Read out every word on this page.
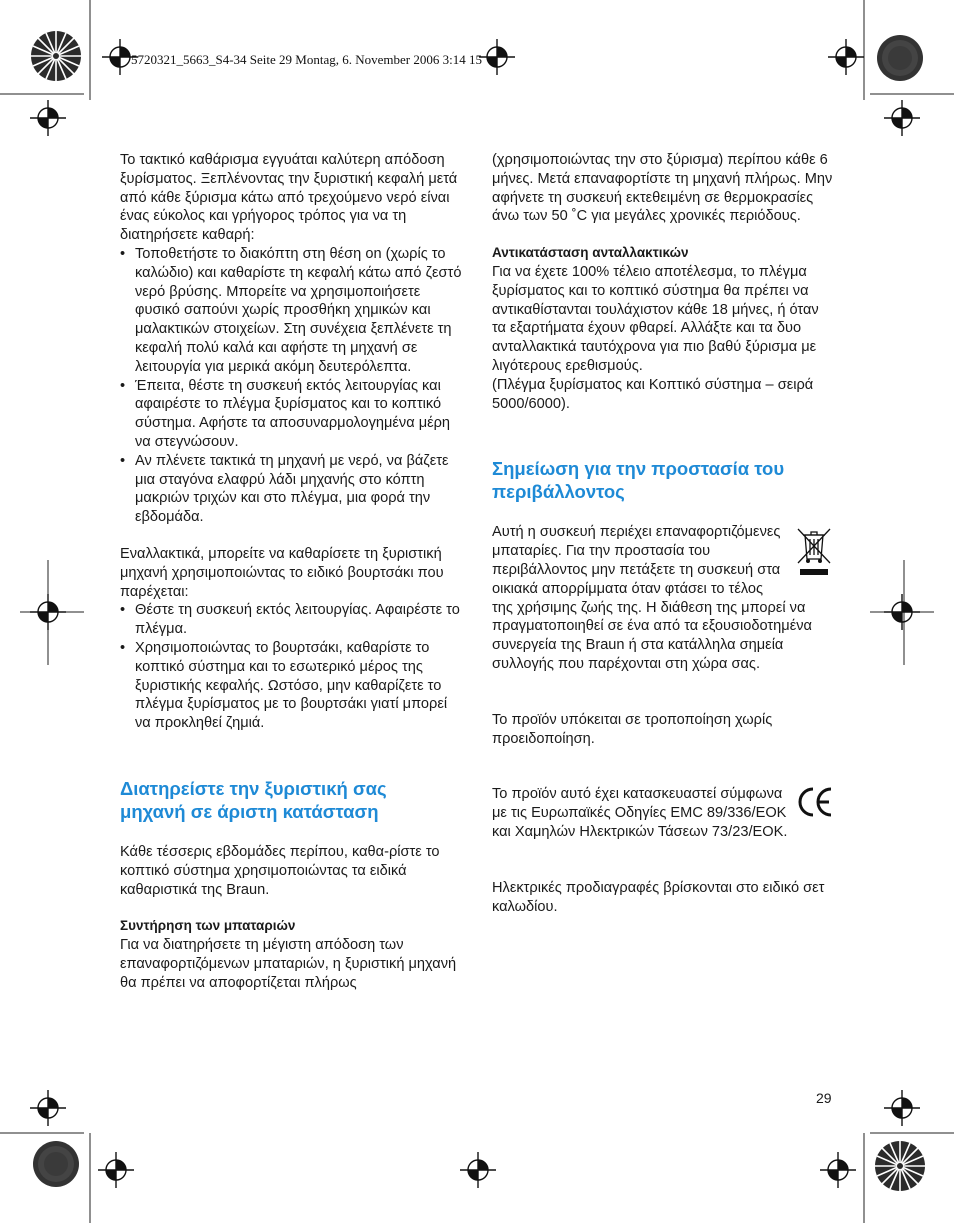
5720321_5663_S4-34 Seite 29 Montag, 6. November 2006 3:14 15

Το τακτικό καθάρισμα εγγυάται καλύτερη απόδοση ξυρίσματος. Ξεπλένοντας την ξυριστική κεφαλή μετά από κάθε ξύρισμα κάτω από τρεχούμενο νερό είναι ένας εύκολος και γρήγορος τρόπος για να τη διατηρήσετε καθαρή:

• Τοποθετήστε το διακόπτη στη θέση on (χωρίς το καλώδιο) και καθαρίστε τη κεφαλή κάτω από ζεστό νερό βρύσης. Μπορείτε να χρησιμοποιήσετε φυσικό σαπούνι χωρίς προσθήκη χημικών και μαλακτικών στοιχείων. Στη συνέχεια ξεπλένετε τη κεφαλή πολύ καλά και αφήστε τη μηχανή σε λειτουργία για μερικά ακόμη δευτερόλεπτα.
• Έπειτα, θέστε τη συσκευή εκτός λειτουργίας και αφαιρέστε το πλέγμα ξυρίσματος και το κοπτικό σύστημα. Αφήστε τα αποσυναρμολογημένα μέρη να στεγνώσουν.
• Αν πλένετε τακτικά τη μηχανή με νερό, να βάζετε μια σταγόνα ελαφρύ λάδι μηχανής στο κόπτη μακριών τριχών και στο πλέγμα, μια φορά την εβδομάδα.

Εναλλακτικά, μπορείτε να καθαρίσετε τη ξυριστική μηχανή χρησιμοποιώντας το ειδικό βουρτσάκι που παρέχεται:

• Θέστε τη συσκευή εκτός λειτουργίας. Αφαιρέστε το πλέγμα.
• Χρησιμοποιώντας το βουρτσάκι, καθαρίστε το κοπτικό σύστημα και το εσωτερικό μέρος της ξυριστικής κεφαλής. Ωστόσο, μην καθαρίζετε το πλέγμα ξυρίσματος με το βουρτσάκι γιατί μπορεί να προκληθεί ζημιά.
Διατηρείστε την ξυριστική σας μηχανή σε άριστη κατάσταση

Κάθε τέσσερις εβδομάδες περίπου, καθα-ρίστε το κοπτικό σύστημα χρησιμοποιώντας τα ειδικά καθαριστικά της Braun.

Συντήρηση των μπαταριών

Για να διατηρήσετε τη μέγιστη απόδοση των επαναφορτιζόμενων μπαταριών, η ξυριστική μηχανή θα πρέπει να αποφορτίζεται πλήρως

(χρησιμοποιώντας την στο ξύρισμα) περίπου κάθε 6 μήνες. Μετά επαναφορτίστε τη μηχανή πλήρως. Μην αφήνετε τη συσκευή εκτεθειμένη σε θερμοκρασίες άνω των 50 ˚C για μεγάλες χρονικές περιόδους.

Αντικατάσταση ανταλλακτικών

Για να έχετε 100% τέλειο αποτέλεσμα, το πλέγμα ξυρίσματος και το κοπτικό σύστημα θα πρέπει να αντικαθίστανται τουλάχιστον κάθε 18 μήνες, ή όταν τα εξαρτήματα έχουν φθαρεί. Αλλάξτε και τα δυο ανταλλακτικά ταυτόχρονα για πιο βαθύ ξύρισμα με λιγότερους ερεθισμούς.

(Πλέγμα ξυρίσματος και Κοπτικό σύστημα – σειρά 5000/6000).

Σημείωση για την προστασία του περιβάλλοντος

Αυτή η συσκευή περιέχει επαναφορτιζόμενες μπαταρίες. Για την προστασία του περιβάλλοντος μην πετάξετε τη συσκευή στα οικιακά απορρίμματα όταν φτάσει το τέλος της χρήσιμης ζωής της. Η διάθεση της μπορεί να πραγματοποιηθεί σε ένα από τα εξουσιοδοτημένα συνεργεία της Braun ή στα κατάλληλα σημεία συλλογής που παρέχονται στη χώρα σας.

Το προϊόν υπόκειται σε τροποποίηση χωρίς προειδοποίηση.

Το προϊόν αυτό έχει κατασκευαστεί σύμφωνα με τις Ευρωπαϊκές Οδηγίες EMC 89/336/ΕΟΚ και Χαμηλών Ηλεκτρικών Τάσεων 73/23/ΕΟΚ.

Ηλεκτρικές προδιαγραφές βρίσκονται στο ειδικό σετ καλωδίου.

29
